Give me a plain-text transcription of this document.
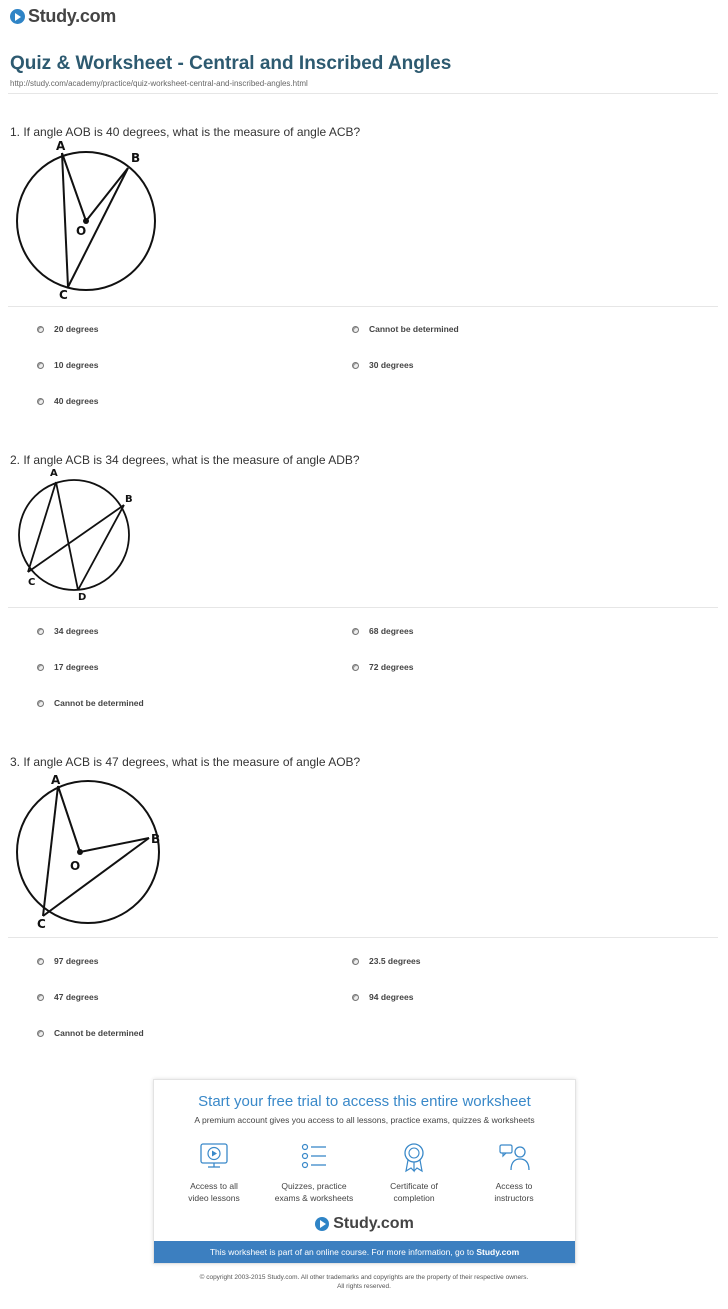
Study.com
Quiz & Worksheet - Central and Inscribed Angles
http://study.com/academy/practice/quiz-worksheet-central-and-inscribed-angles.html
1. If angle AOB is 40 degrees, what is the measure of angle ACB?
A
B
O
C
20 degrees	Cannot be determined
10 degrees	30 degrees
40 degrees
2. If angle ACB is 34 degrees, what is the measure of angle ADB?
A
B
C
D
34 degrees	68 degrees
17 degrees	72 degrees
Cannot be determined
3. If angle ACB is 47 degrees, what is the measure of angle AOB?
A
B
O
C
97 degrees	23.5 degrees
47 degrees	94 degrees
Cannot be determined
Start your free trial to access this entire worksheet
A premium account gives you access to all lessons, practice exams, quizzes & worksheets
Access to all
video lessons
Quizzes, practice
exams & worksheets
Certificate of
completion
Access to
instructors
Study.com
This worksheet is part of an online course. For more information, go to Study.com
© copyright 2003-2015 Study.com. All other trademarks and copyrights are the property of their respective owners.
All rights reserved.
